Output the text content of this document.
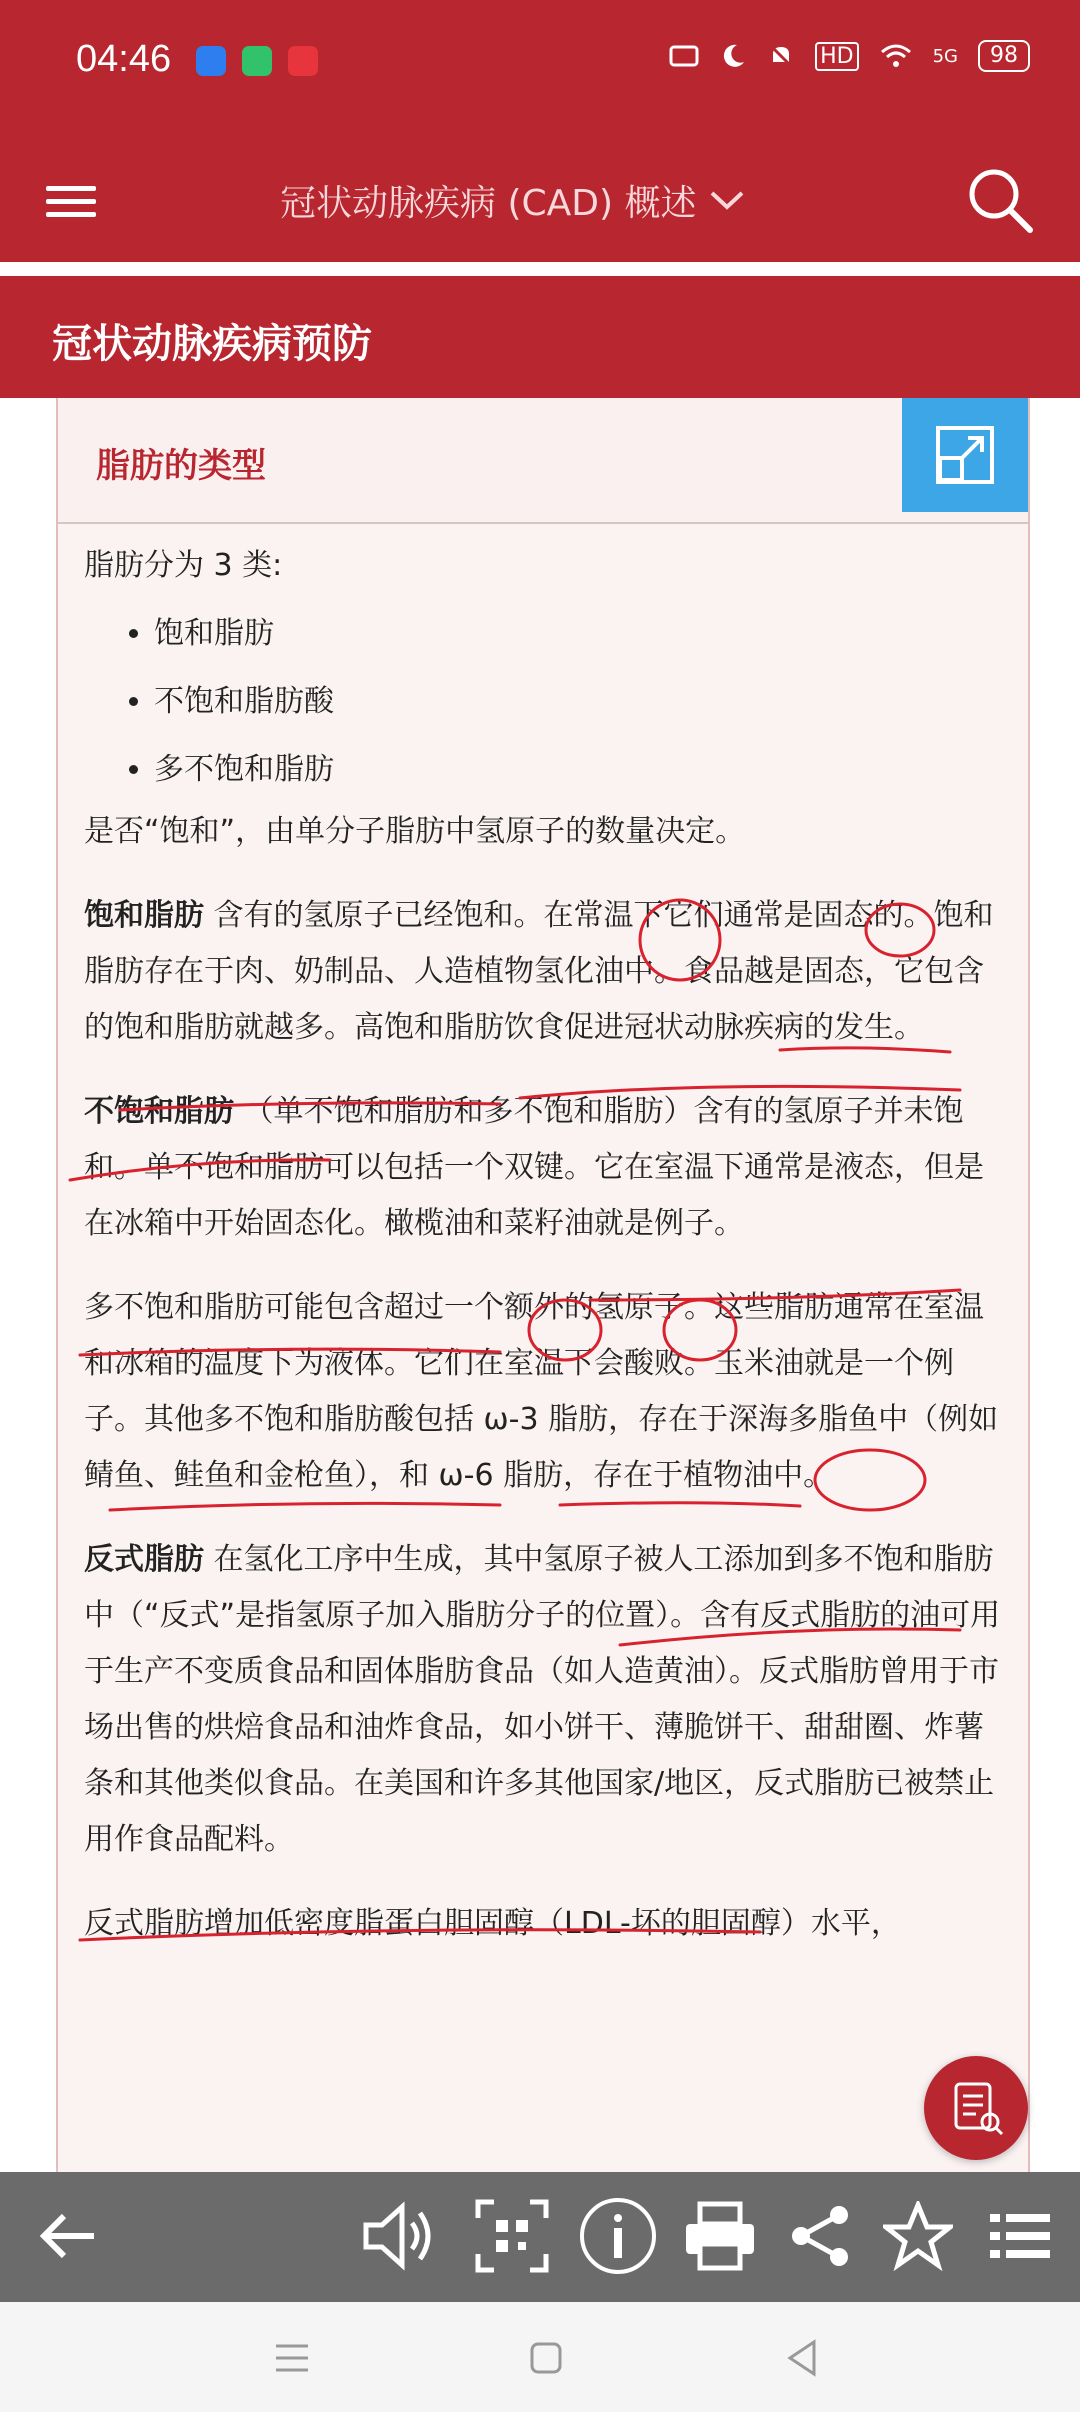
04:46	HD	5G	98
冠状动脉疾病 (CAD) 概述
冠状动脉疾病预防
脂肪的类型

脂肪分为 3 类:

• 饱和脂肪
• 不饱和脂肪酸
• 多不饱和脂肪

是否“饱和”，由单分子脂肪中氢原子的数量决定。

饱和脂肪 含有的氢原子已经饱和。在常温下它们通常是固态的。饱和脂肪存在于肉、奶制品、人造植物氢化油中。食品越是固态，它包含的饱和脂肪就越多。高饱和脂肪饮食促进冠状动脉疾病的发生。

不饱和脂肪 （单不饱和脂肪和多不饱和脂肪）含有的氢原子并未饱和。单不饱和脂肪可以包括一个双键。它在室温下通常是液态，但是在冰箱中开始固态化。橄榄油和菜籽油就是例子。

多不饱和脂肪可能包含超过一个额外的氢原子。这些脂肪通常在室温和冰箱的温度下为液体。它们在室温下会酸败。玉米油就是一个例子。其他多不饱和脂肪酸包括 ω-3 脂肪，存在于深海多脂鱼中（例如鲭鱼、鲑鱼和金枪鱼），和 ω-6 脂肪，存在于植物油中。

反式脂肪 在氢化工序中生成，其中氢原子被人工添加到多不饱和脂肪中（“反式”是指氢原子加入脂肪分子的位置）。含有反式脂肪的油可用于生产不变质食品和固体脂肪食品（如人造黄油）。反式脂肪曾用于市场出售的烘焙食品和油炸食品，如小饼干、薄脆饼干、甜甜圈、炸薯条和其他类似食品。在美国和许多其他国家/地区，反式脂肪已被禁止用作食品配料。

反式脂肪增加低密度脂蛋白胆固醇（LDL-坏的胆固醇）水平，
